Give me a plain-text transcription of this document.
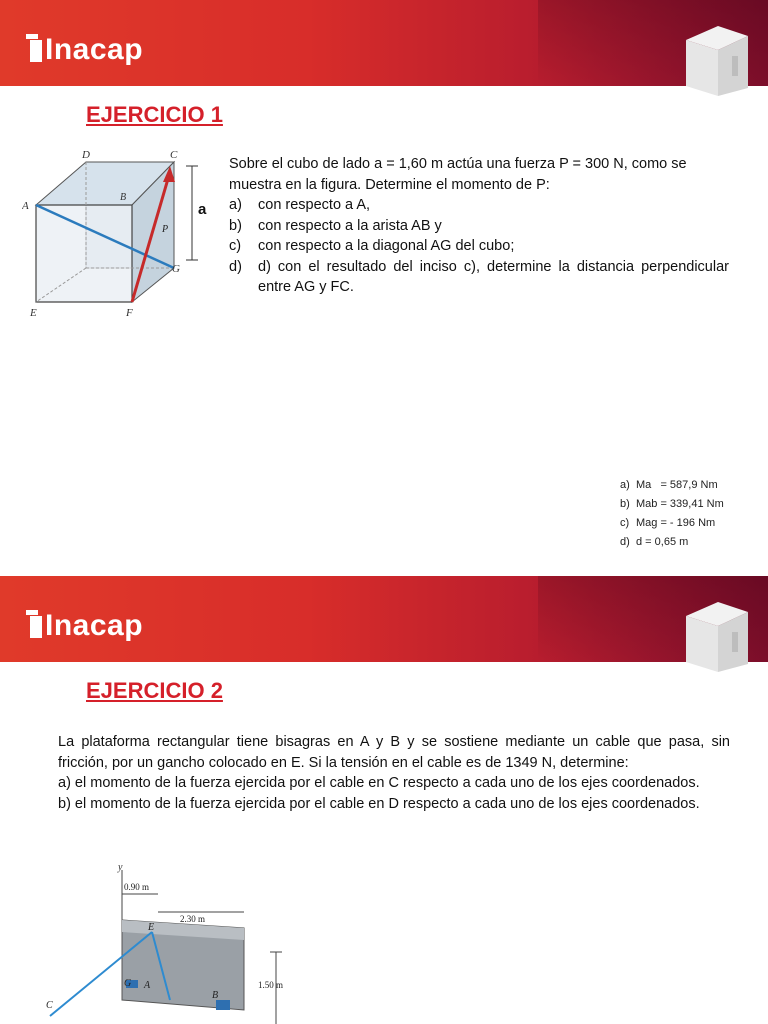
Inacap
EJERCICIO 1
a
D	C
A
B
G
E	F
P
Sobre el cubo de lado a = 1,60 m actúa una fuerza P = 300 N, como se
muestra en la figura. Determine el momento de P:
a)	con respecto a A,
b)	con respecto a la arista AB y
c)	con respecto a la diagonal AG del cubo;
d)	d) con el resultado del inciso c), determine la distancia perpendicular entre AG y FC.
a) Ma   = 587,9 Nm
b) Mab = 339,41 Nm
c) Mag = - 196 Nm
d) d = 0,65 m
Inacap
EJERCICIO 2
La plataforma rectangular tiene bisagras en A y B y se sostiene mediante un cable que pasa, sin fricción, por un gancho colocado en E. Si la tensión en el cable es de 1349 N, determine:
a) el momento de la fuerza ejercida por el cable en C respecto a cada uno de los ejes coordenados.
b) el momento de la fuerza ejercida por el cable en D respecto a cada uno de los ejes coordenados.
y
0.90 m
2.30 m
1.50 m
E
A
B
G
C
